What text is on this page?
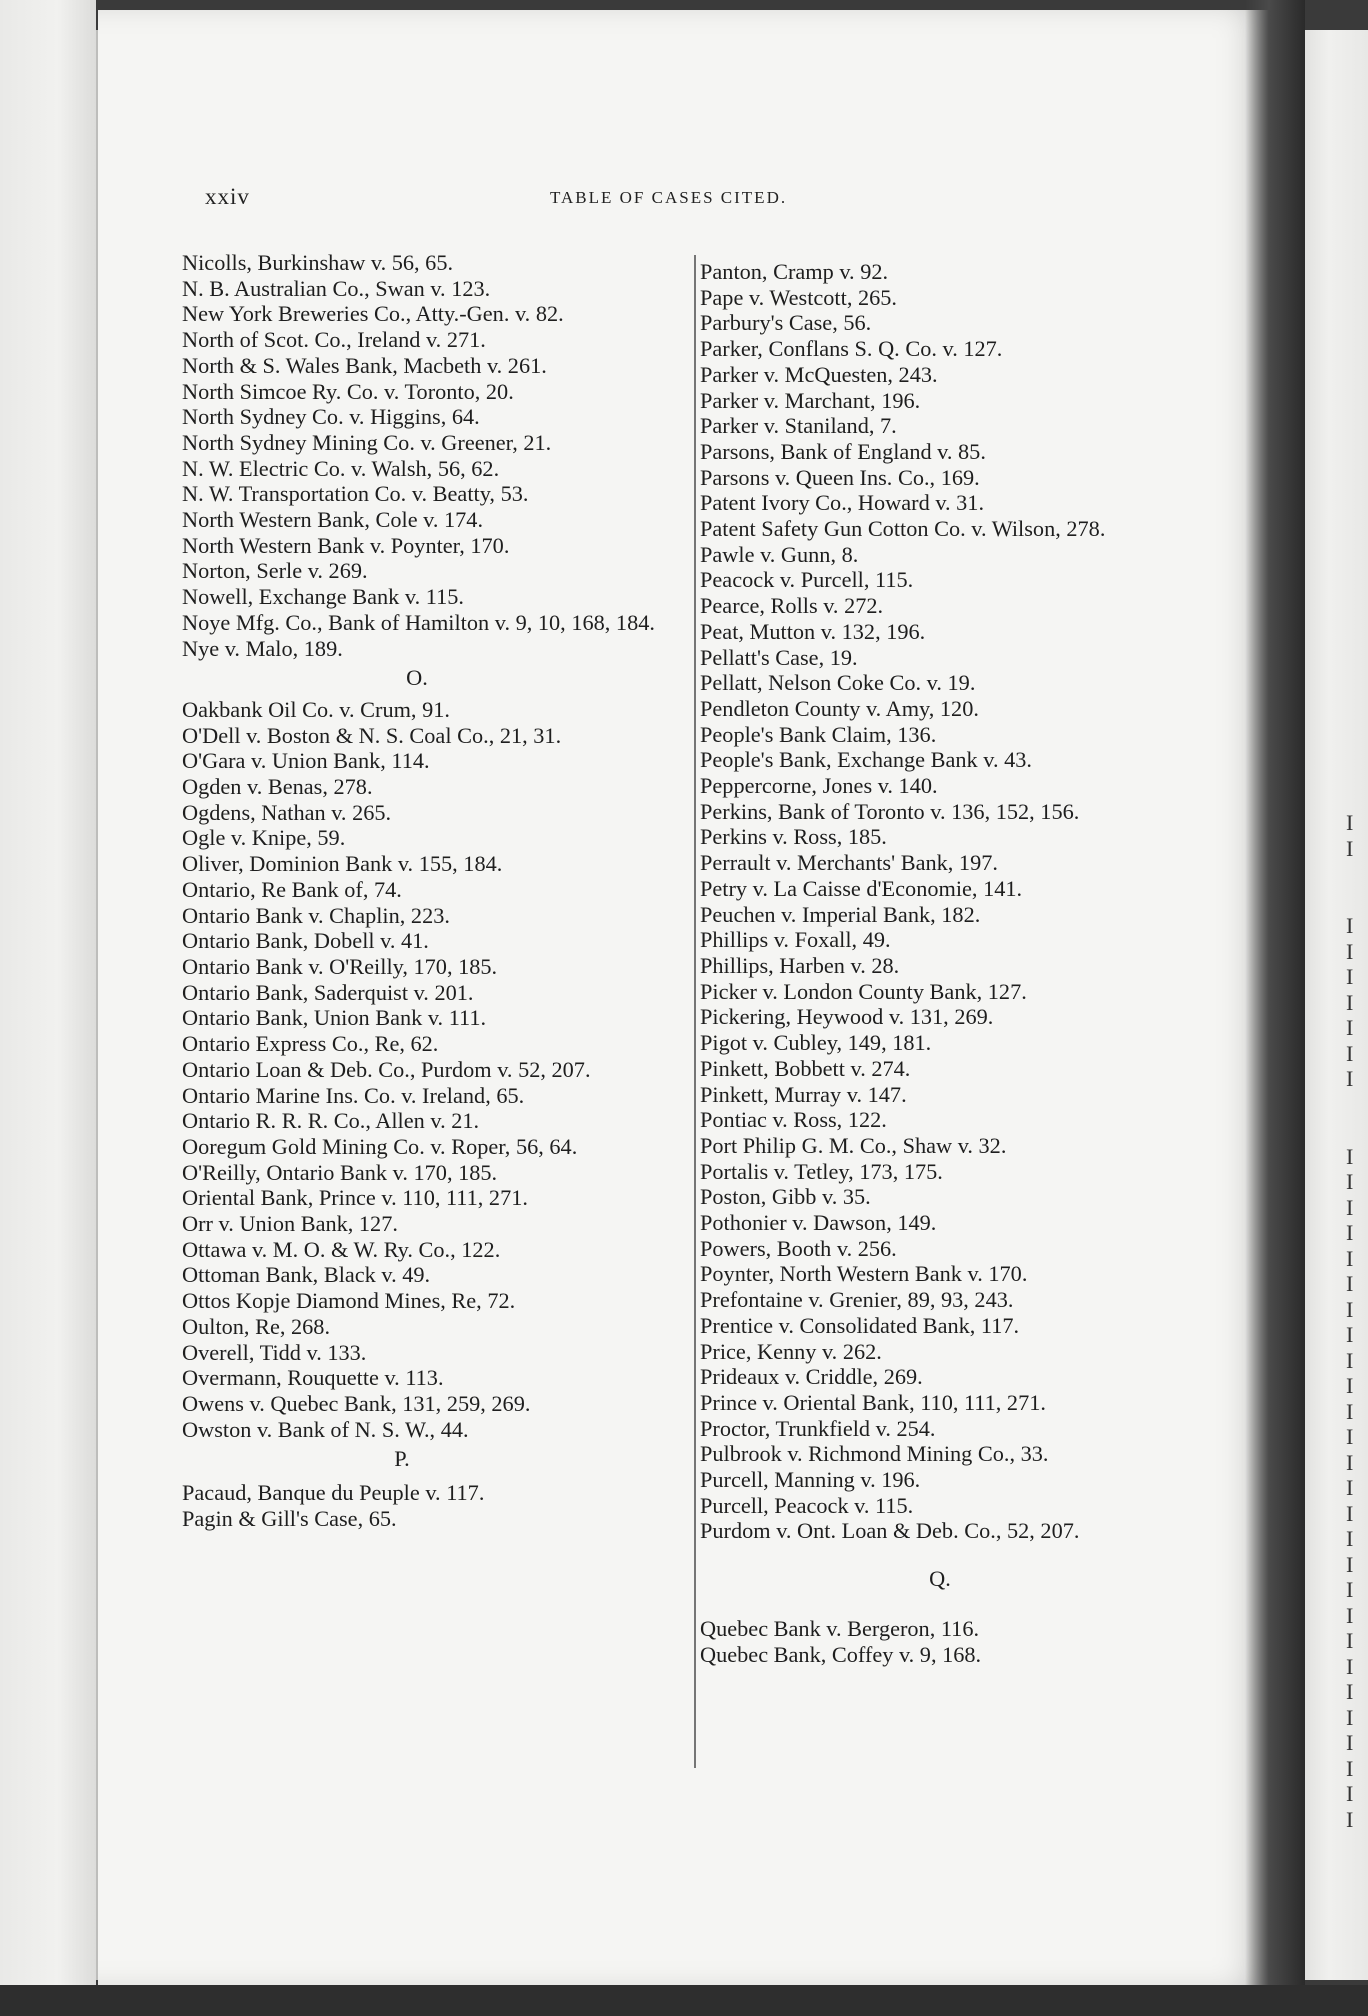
I
I
I
I
I
I
I
I
I
I
I
I
I
I
I
I
I
I
I
I
I
I
I
I
I
I
I
I
I
I
I
I
I
I
I
I
xxiv	TABLE OF CASES CITED.
Nicolls, Burkinshaw v. 56, 65.
N. B. Australian Co., Swan v. 123.
New York Breweries Co., Atty.-Gen. v. 82.
North of Scot. Co., Ireland v. 271.
North & S. Wales Bank, Macbeth v. 261.
North Simcoe Ry. Co. v. Toronto, 20.
North Sydney Co. v. Higgins, 64.
North Sydney Mining Co. v. Greener, 21.
N. W. Electric Co. v. Walsh, 56, 62.
N. W. Transportation Co. v. Beatty, 53.
North Western Bank, Cole v. 174.
North Western Bank v. Poynter, 170.
Norton, Serle v. 269.
Nowell, Exchange Bank v. 115.
Noye Mfg. Co., Bank of Hamilton v. 9, 10, 168, 184.
Nye v. Malo, 189.
O.
Oakbank Oil Co. v. Crum, 91.
O'Dell v. Boston & N. S. Coal Co., 21, 31.
O'Gara v. Union Bank, 114.
Ogden v. Benas, 278.
Ogdens, Nathan v. 265.
Ogle v. Knipe, 59.
Oliver, Dominion Bank v. 155, 184.
Ontario, Re Bank of, 74.
Ontario Bank v. Chaplin, 223.
Ontario Bank, Dobell v. 41.
Ontario Bank v. O'Reilly, 170, 185.
Ontario Bank, Saderquist v. 201.
Ontario Bank, Union Bank v. 111.
Ontario Express Co., Re, 62.
Ontario Loan & Deb. Co., Purdom v. 52, 207.
Ontario Marine Ins. Co. v. Ireland, 65.
Ontario R. R. R. Co., Allen v. 21.
Ooregum Gold Mining Co. v. Roper, 56, 64.
O'Reilly, Ontario Bank v. 170, 185.
Oriental Bank, Prince v. 110, 111, 271.
Orr v. Union Bank, 127.
Ottawa v. M. O. & W. Ry. Co., 122.
Ottoman Bank, Black v. 49.
Ottos Kopje Diamond Mines, Re, 72.
Oulton, Re, 268.
Overell, Tidd v. 133.
Overmann, Rouquette v. 113.
Owens v. Quebec Bank, 131, 259, 269.
Owston v. Bank of N. S. W., 44.
P.
Pacaud, Banque du Peuple v. 117.
Pagin & Gill's Case, 65.
Panton, Cramp v. 92.
Pape v. Westcott, 265.
Parbury's Case, 56.
Parker, Conflans S. Q. Co. v. 127.
Parker v. McQuesten, 243.
Parker v. Marchant, 196.
Parker v. Staniland, 7.
Parsons, Bank of England v. 85.
Parsons v. Queen Ins. Co., 169.
Patent Ivory Co., Howard v. 31.
Patent Safety Gun Cotton Co. v. Wilson, 278.
Pawle v. Gunn, 8.
Peacock v. Purcell, 115.
Pearce, Rolls v. 272.
Peat, Mutton v. 132, 196.
Pellatt's Case, 19.
Pellatt, Nelson Coke Co. v. 19.
Pendleton County v. Amy, 120.
People's Bank Claim, 136.
People's Bank, Exchange Bank v. 43.
Peppercorne, Jones v. 140.
Perkins, Bank of Toronto v. 136, 152, 156.
Perkins v. Ross, 185.
Perrault v. Merchants' Bank, 197.
Petry v. La Caisse d'Economie, 141.
Peuchen v. Imperial Bank, 182.
Phillips v. Foxall, 49.
Phillips, Harben v. 28.
Picker v. London County Bank, 127.
Pickering, Heywood v. 131, 269.
Pigot v. Cubley, 149, 181.
Pinkett, Bobbett v. 274.
Pinkett, Murray v. 147.
Pontiac v. Ross, 122.
Port Philip G. M. Co., Shaw v. 32.
Portalis v. Tetley, 173, 175.
Poston, Gibb v. 35.
Pothonier v. Dawson, 149.
Powers, Booth v. 256.
Poynter, North Western Bank v. 170.
Prefontaine v. Grenier, 89, 93, 243.
Prentice v. Consolidated Bank, 117.
Price, Kenny v. 262.
Prideaux v. Criddle, 269.
Prince v. Oriental Bank, 110, 111, 271.
Proctor, Trunkfield v. 254.
Pulbrook v. Richmond Mining Co., 33.
Purcell, Manning v. 196.
Purcell, Peacock v. 115.
Purdom v. Ont. Loan & Deb. Co., 52, 207.
Q.
Quebec Bank v. Bergeron, 116.
Quebec Bank, Coffey v. 9, 168.
